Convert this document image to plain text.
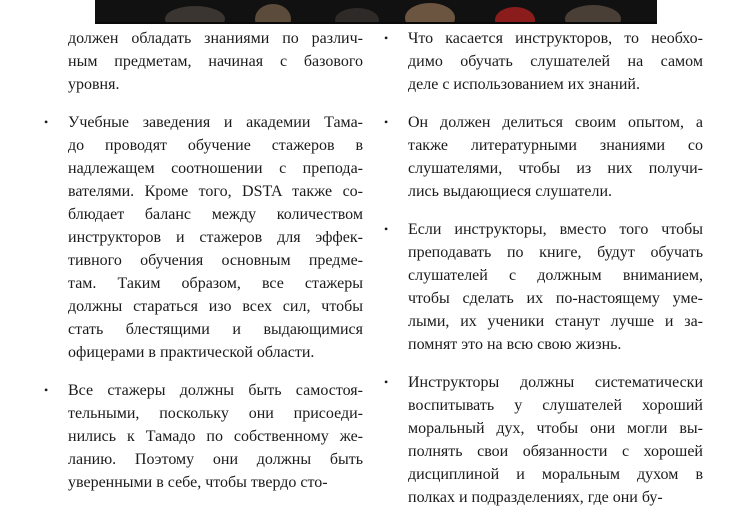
должен обладать знаниями по различ-
ным предметам, начиная с базового
уровня.
• Учебные заведения и академии Тама-
до проводят обучение стажеров в
надлежащем соотношении с препода-
вателями. Кроме того, DSTA также со-
блюдает баланс между количеством
инструкторов и стажеров для эффек-
тивного обучения основным предме-
там. Таким образом, все стажеры
должны стараться изо всех сил, чтобы
стать блестящими и выдающимися
офицерами в практической области.
• Все стажеры должны быть самостоя-
тельными, поскольку они присоеди-
нились к Тамадо по собственному же-
ланию. Поэтому они должны быть
уверенными в себе, чтобы твердо сто-
• Что касается инструкторов, то необхо-
димо обучать слушателей на самом
деле с использованием их знаний.
• Он должен делиться своим опытом, а
также литературными знаниями со
слушателями, чтобы из них получи-
лись выдающиеся слушатели.
• Если инструкторы, вместо того чтобы
преподавать по книге, будут обучать
слушателей с должным вниманием,
чтобы сделать их по-настоящему уме-
лыми, их ученики станут лучше и за-
помнят это на всю свою жизнь.
• Инструкторы должны систематически
воспитывать у слушателей хороший
моральный дух, чтобы они могли вы-
полнять свои обязанности с хорошей
дисциплиной и моральным духом в
полках и подразделениях, где они бу-
